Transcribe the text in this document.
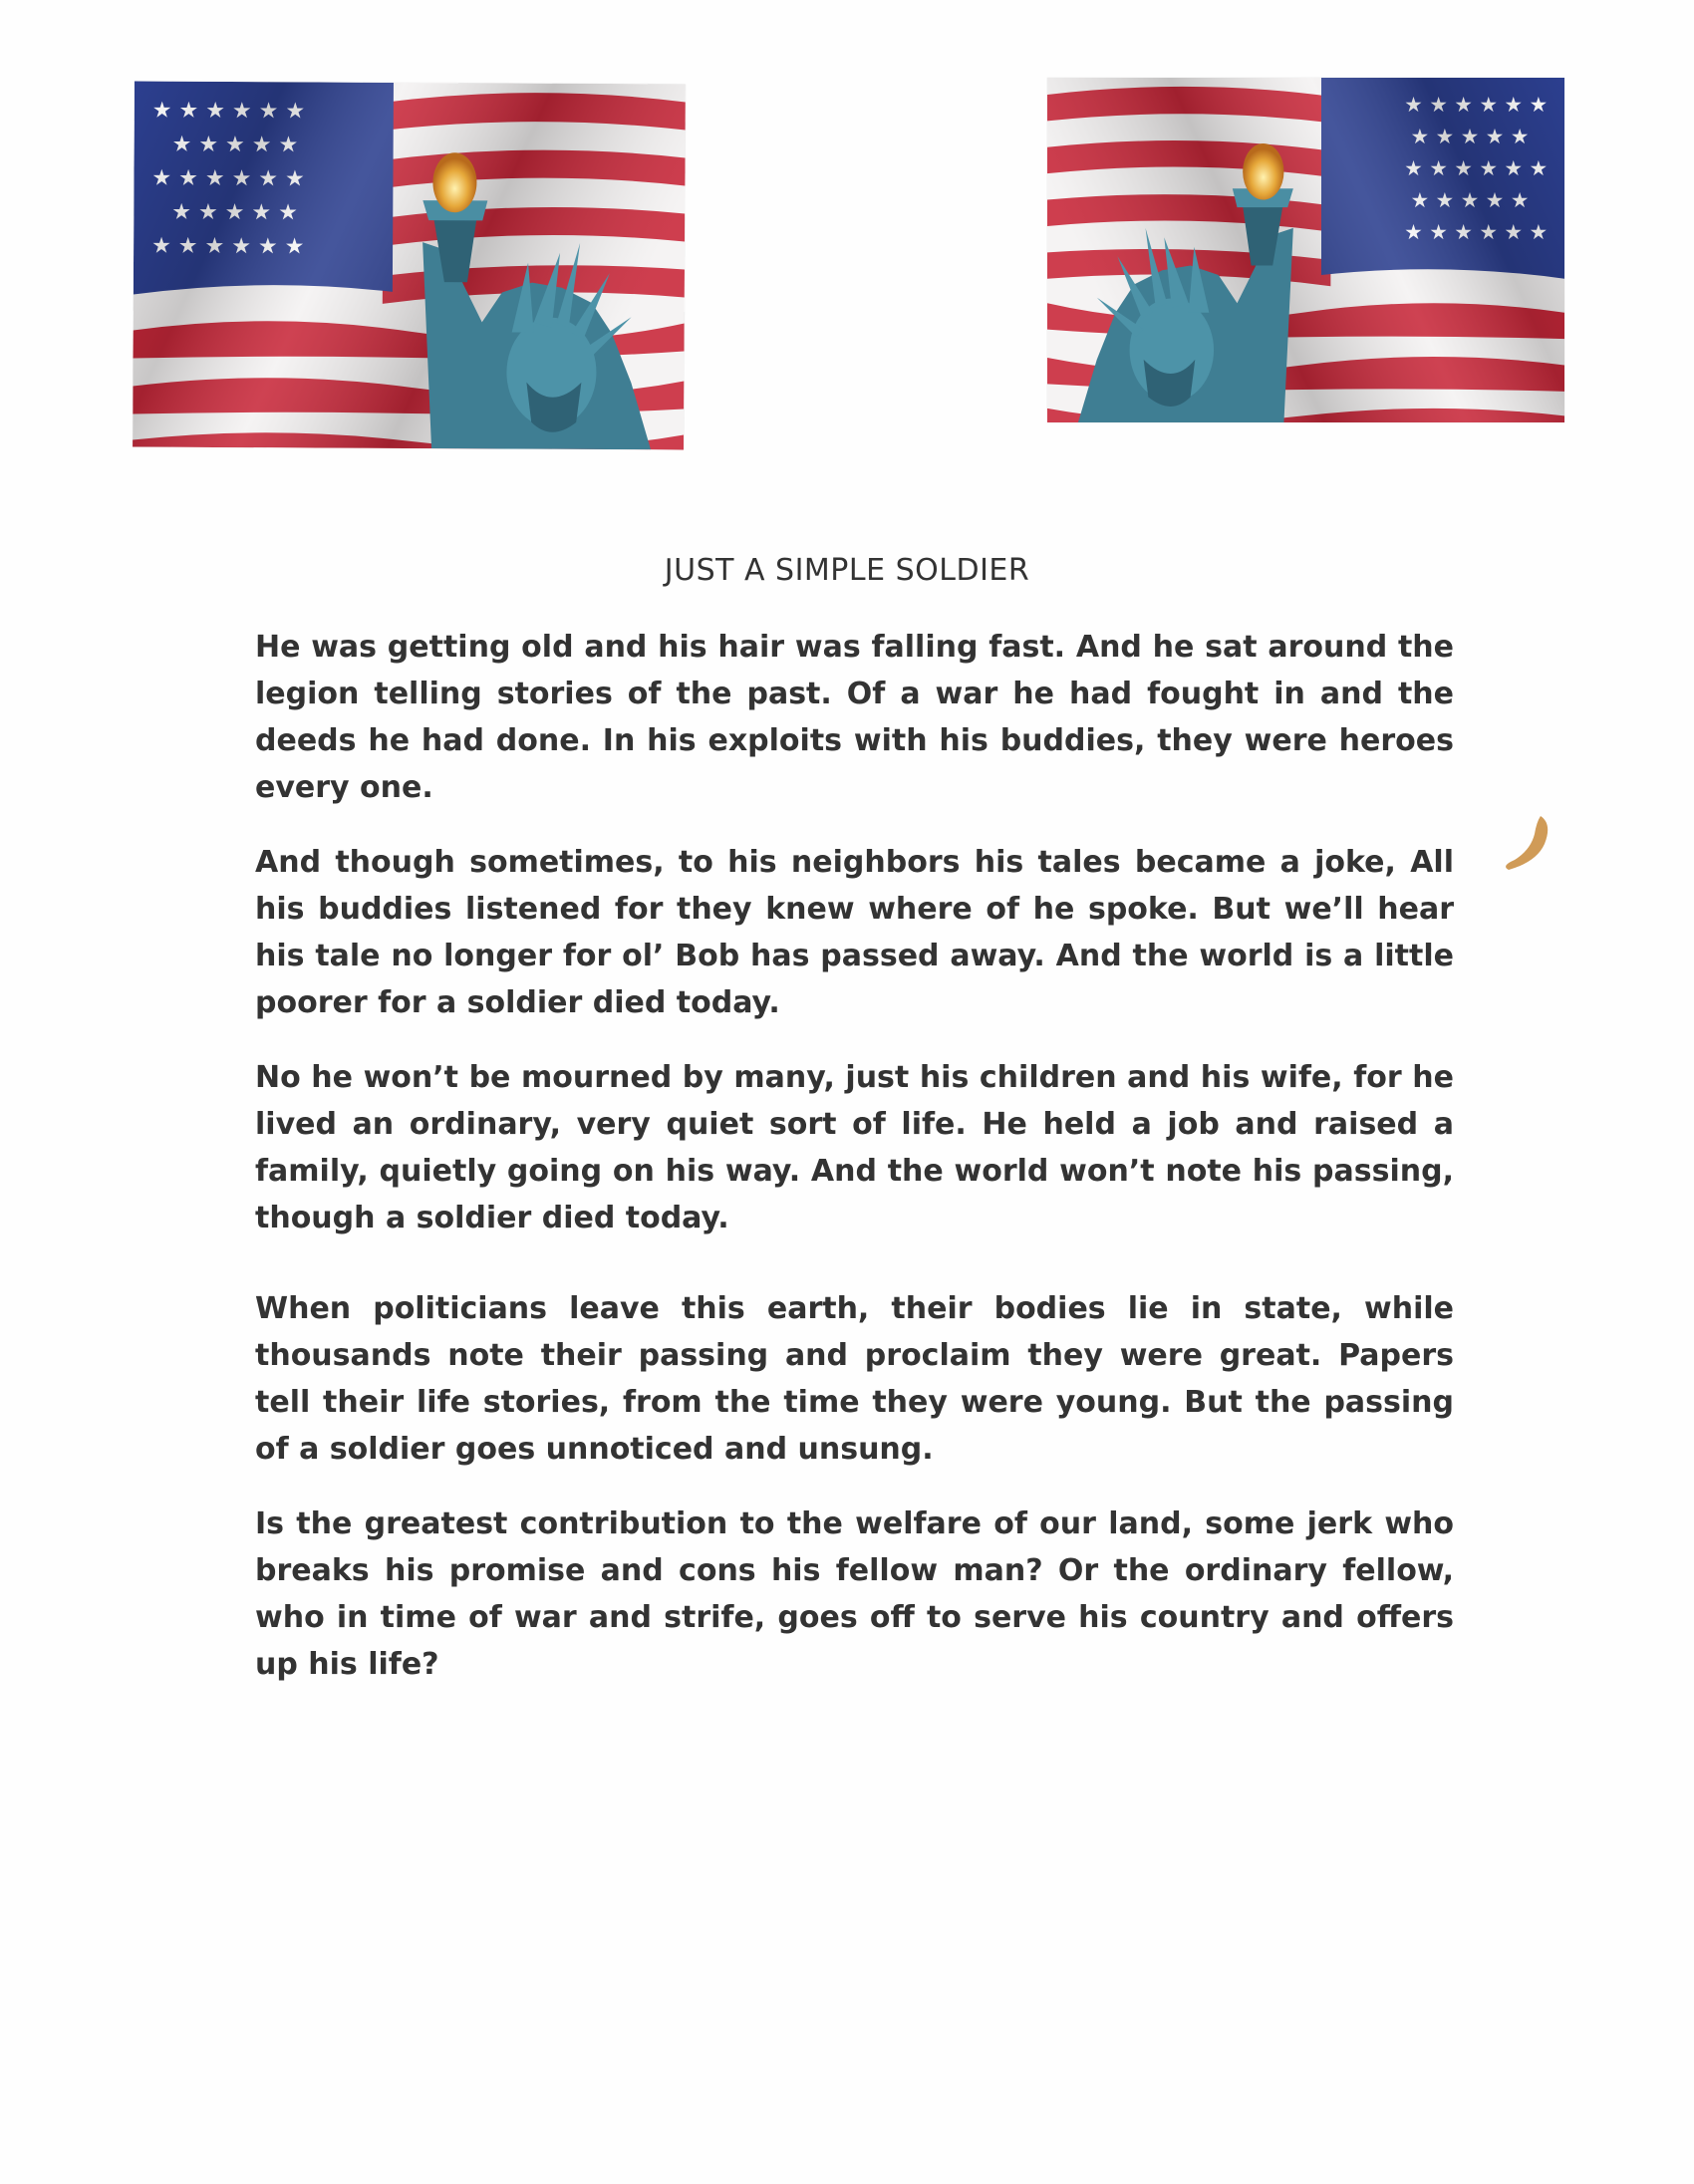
JUST A SIMPLE SOLDIER

He was getting old and his hair was falling fast. And he sat around the legion telling stories of the past. Of a war he had fought in and the deeds he had done. In his exploits with his buddies, they were heroes every one.

And though sometimes, to his neighbors his tales became a joke, All his buddies listened for they knew where of he spoke. But we’ll hear his tale no longer for ol’ Bob has passed away. And the world is a little poorer for a soldier died today.

No he won’t be mourned by many, just his children and his wife, for he lived an ordinary, very quiet sort of life. He held a job and raised a family, quietly going on his way. And the world won’t note his passing, though a soldier died today.

When politicians leave this earth, their bodies lie in state, while thousands note their passing and proclaim they were great. Papers tell their life stories, from the time they were young. But the passing of a soldier goes unnoticed and unsung.

Is the greatest contribution to the welfare of our land, some jerk who breaks his promise and cons his fellow man? Or the ordinary fellow, who in time of war and strife, goes off to serve his country and offers up his life?
